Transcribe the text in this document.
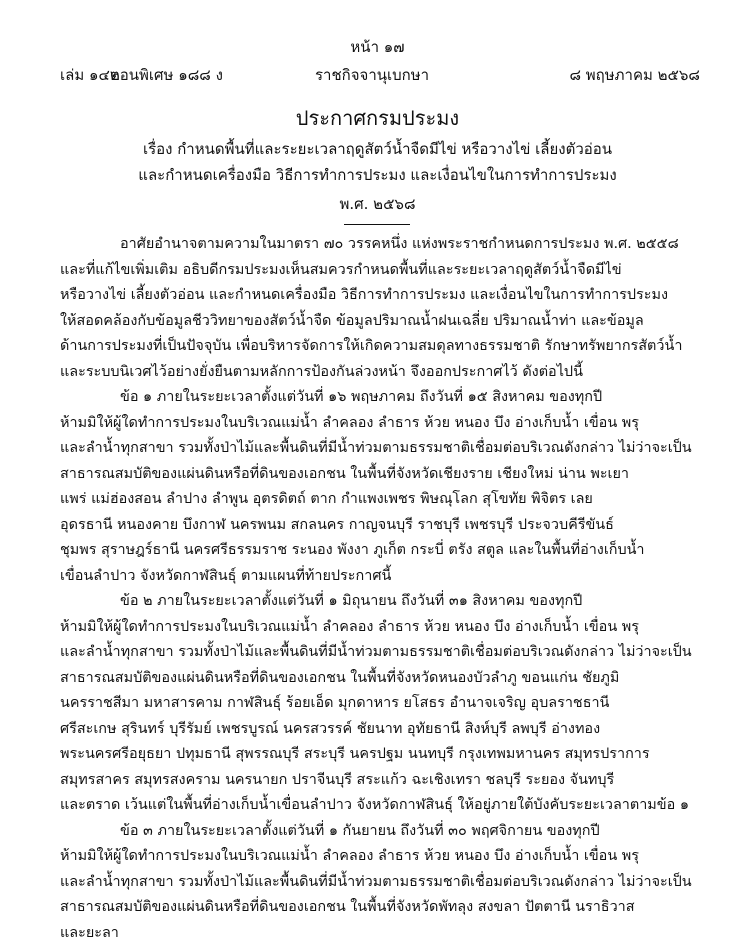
หน้า ๑๗
เล่ม ๑๔๒
ตอนพิเศษ ๑๘๘ ง	ราชกิจจานุเบกษา	๘ พฤษภาคม ๒๕๖๘
ประกาศกรมประมง
เรื่อง กำหนดพื้นที่และระยะเวลาฤดูสัตว์น้ำจืดมีไข่ หรือวางไข่ เลี้ยงตัวอ่อน
และกำหนดเครื่องมือ วิธีการทำการประมง และเงื่อนไขในการทำการประมง
พ.ศ. ๒๕๖๘
อาศัยอำนาจตามความในมาตรา ๗๐ วรรคหนึ่ง แห่งพระราชกำหนดการประมง พ.ศ. ๒๕๕๘
และที่แก้ไขเพิ่มเติม อธิบดีกรมประมงเห็นสมควรกำหนดพื้นที่และระยะเวลาฤดูสัตว์น้ำจืดมีไข่
หรือวางไข่ เลี้ยงตัวอ่อน และกำหนดเครื่องมือ วิธีการทำการประมง และเงื่อนไขในการทำการประมง
ให้สอดคล้องกับข้อมูลชีววิทยาของสัตว์น้ำจืด ข้อมูลปริมาณน้ำฝนเฉลี่ย ปริมาณน้ำท่า และข้อมูล
ด้านการประมงที่เป็นปัจจุบัน เพื่อบริหารจัดการให้เกิดความสมดุลทางธรรมชาติ รักษาทรัพยากรสัตว์น้ำ
และระบบนิเวศไว้อย่างยั่งยืนตามหลักการป้องกันล่วงหน้า จึงออกประกาศไว้ ดังต่อไปนี้
ข้อ ๑ ภายในระยะเวลาตั้งแต่วันที่ ๑๖ พฤษภาคม ถึงวันที่ ๑๕ สิงหาคม ของทุกปี
ห้ามมิให้ผู้ใดทำการประมงในบริเวณแม่น้ำ ลำคลอง ลำธาร ห้วย หนอง บึง อ่างเก็บน้ำ เขื่อน พรุ
และลำน้ำทุกสาขา รวมทั้งป่าไม้และพื้นดินที่มีน้ำท่วมตามธรรมชาติเชื่อมต่อบริเวณดังกล่าว ไม่ว่าจะเป็น
สาธารณสมบัติของแผ่นดินหรือที่ดินของเอกชน ในพื้นที่จังหวัดเชียงราย เชียงใหม่ น่าน พะเยา
แพร่ แม่ฮ่องสอน ลำปาง ลำพูน อุตรดิตถ์ ตาก กำแพงเพชร พิษณุโลก สุโขทัย พิจิตร เลย
อุดรธานี หนองคาย บึงกาฬ นครพนม สกลนคร กาญจนบุรี ราชบุรี เพชรบุรี ประจวบคีรีขันธ์
ชุมพร สุราษฎร์ธานี นครศรีธรรมราช ระนอง พังงา ภูเก็ต กระบี่ ตรัง สตูล และในพื้นที่อ่างเก็บน้ำ
เขื่อนลำปาว จังหวัดกาฬสินธุ์ ตามแผนที่ท้ายประกาศนี้
ข้อ ๒ ภายในระยะเวลาตั้งแต่วันที่ ๑ มิถุนายน ถึงวันที่ ๓๑ สิงหาคม ของทุกปี
ห้ามมิให้ผู้ใดทำการประมงในบริเวณแม่น้ำ ลำคลอง ลำธาร ห้วย หนอง บึง อ่างเก็บน้ำ เขื่อน พรุ
และลำน้ำทุกสาขา รวมทั้งป่าไม้และพื้นดินที่มีน้ำท่วมตามธรรมชาติเชื่อมต่อบริเวณดังกล่าว ไม่ว่าจะเป็น
สาธารณสมบัติของแผ่นดินหรือที่ดินของเอกชน ในพื้นที่จังหวัดหนองบัวลำภู ขอนแก่น ชัยภูมิ
นครราชสีมา มหาสารคาม กาฬสินธุ์ ร้อยเอ็ด มุกดาหาร ยโสธร อำนาจเจริญ อุบลราชธานี
ศรีสะเกษ สุรินทร์ บุรีรัมย์ เพชรบูรณ์ นครสวรรค์ ชัยนาท อุทัยธานี สิงห์บุรี ลพบุรี อ่างทอง
พระนครศรีอยุธยา ปทุมธานี สุพรรณบุรี สระบุรี นครปฐม นนทบุรี กรุงเทพมหานคร สมุทรปราการ
สมุทรสาคร สมุทรสงคราม นครนายก ปราจีนบุรี สระแก้ว ฉะเชิงเทรา ชลบุรี ระยอง จันทบุรี
และตราด เว้นแต่ในพื้นที่อ่างเก็บน้ำเขื่อนลำปาว จังหวัดกาฬสินธุ์ ให้อยู่ภายใต้บังคับระยะเวลาตามข้อ ๑
ข้อ ๓ ภายในระยะเวลาตั้งแต่วันที่ ๑ กันยายน ถึงวันที่ ๓๐ พฤศจิกายน ของทุกปี
ห้ามมิให้ผู้ใดทำการประมงในบริเวณแม่น้ำ ลำคลอง ลำธาร ห้วย หนอง บึง อ่างเก็บน้ำ เขื่อน พรุ
และลำน้ำทุกสาขา รวมทั้งป่าไม้และพื้นดินที่มีน้ำท่วมตามธรรมชาติเชื่อมต่อบริเวณดังกล่าว ไม่ว่าจะเป็น
สาธารณสมบัติของแผ่นดินหรือที่ดินของเอกชน ในพื้นที่จังหวัดพัทลุง สงขลา ปัตตานี นราธิวาส
และยะลา
